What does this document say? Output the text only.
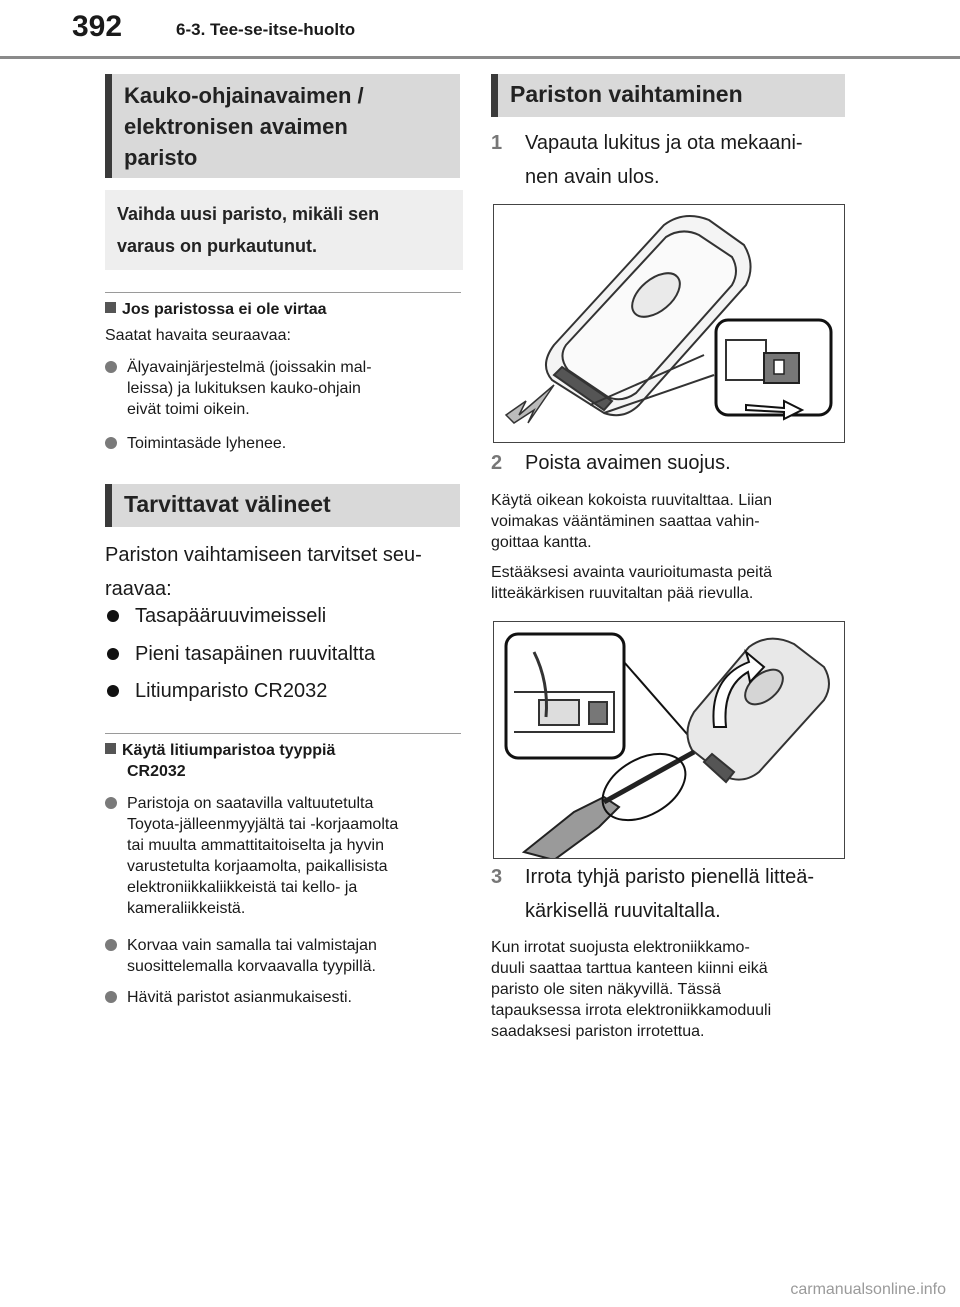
392	6-3. Tee-se-itse-huolto
Kauko-ohjainavaimen /
elektronisen avaimen
paristo
Vaihda uusi paristo, mikäli sen
varaus on purkautunut.
Jos paristossa ei ole virtaa
Saatat havaita seuraavaa:
Älyavainjärjestelmä (joissakin mal-
leissa) ja lukituksen kauko-ohjain
eivät toimi oikein.
Toimintasäde lyhenee.
Tarvittavat välineet
Pariston vaihtamiseen tarvitset seu-
raavaa:
Tasapääruuvimeisseli
Pieni tasapäinen ruuvitaltta
Litiumparisto CR2032
Käytä litiumparistoa tyyppiä
CR2032
Paristoja on saatavilla valtuutetulta
Toyota-jälleenmyyjältä tai -korjaamolta
tai muulta ammattitaitoiselta ja hyvin
varustetulta korjaamolta, paikallisista
elektroniikkaliikkeistä tai kello- ja
kameraliikkeistä.
Korvaa vain samalla tai valmistajan
suosittelemalla korvaavalla tyypillä.
Hävitä paristot asianmukaisesti.
Pariston vaihtaminen
1 Vapauta lukitus ja ota mekaani-
nen avain ulos.
2 Poista avaimen suojus.
Käytä oikean kokoista ruuvitalttaa. Liian
voimakas vääntäminen saattaa vahin-
goittaa kantta.
Estääksesi avainta vaurioitumasta peitä
litteäkärkisen ruuvitaltan pää rievulla.
3 Irrota tyhjä paristo pienellä litteä-
kärkisellä ruuvitaltalla.
Kun irrotat suojusta elektroniikkamo-
duuli saattaa tarttua kanteen kiinni eikä
paristo ole siten näkyvillä. Tässä
tapauksessa irrota elektroniikkamoduuli
saadaksesi pariston irrotettua.
carmanualsonline.info
